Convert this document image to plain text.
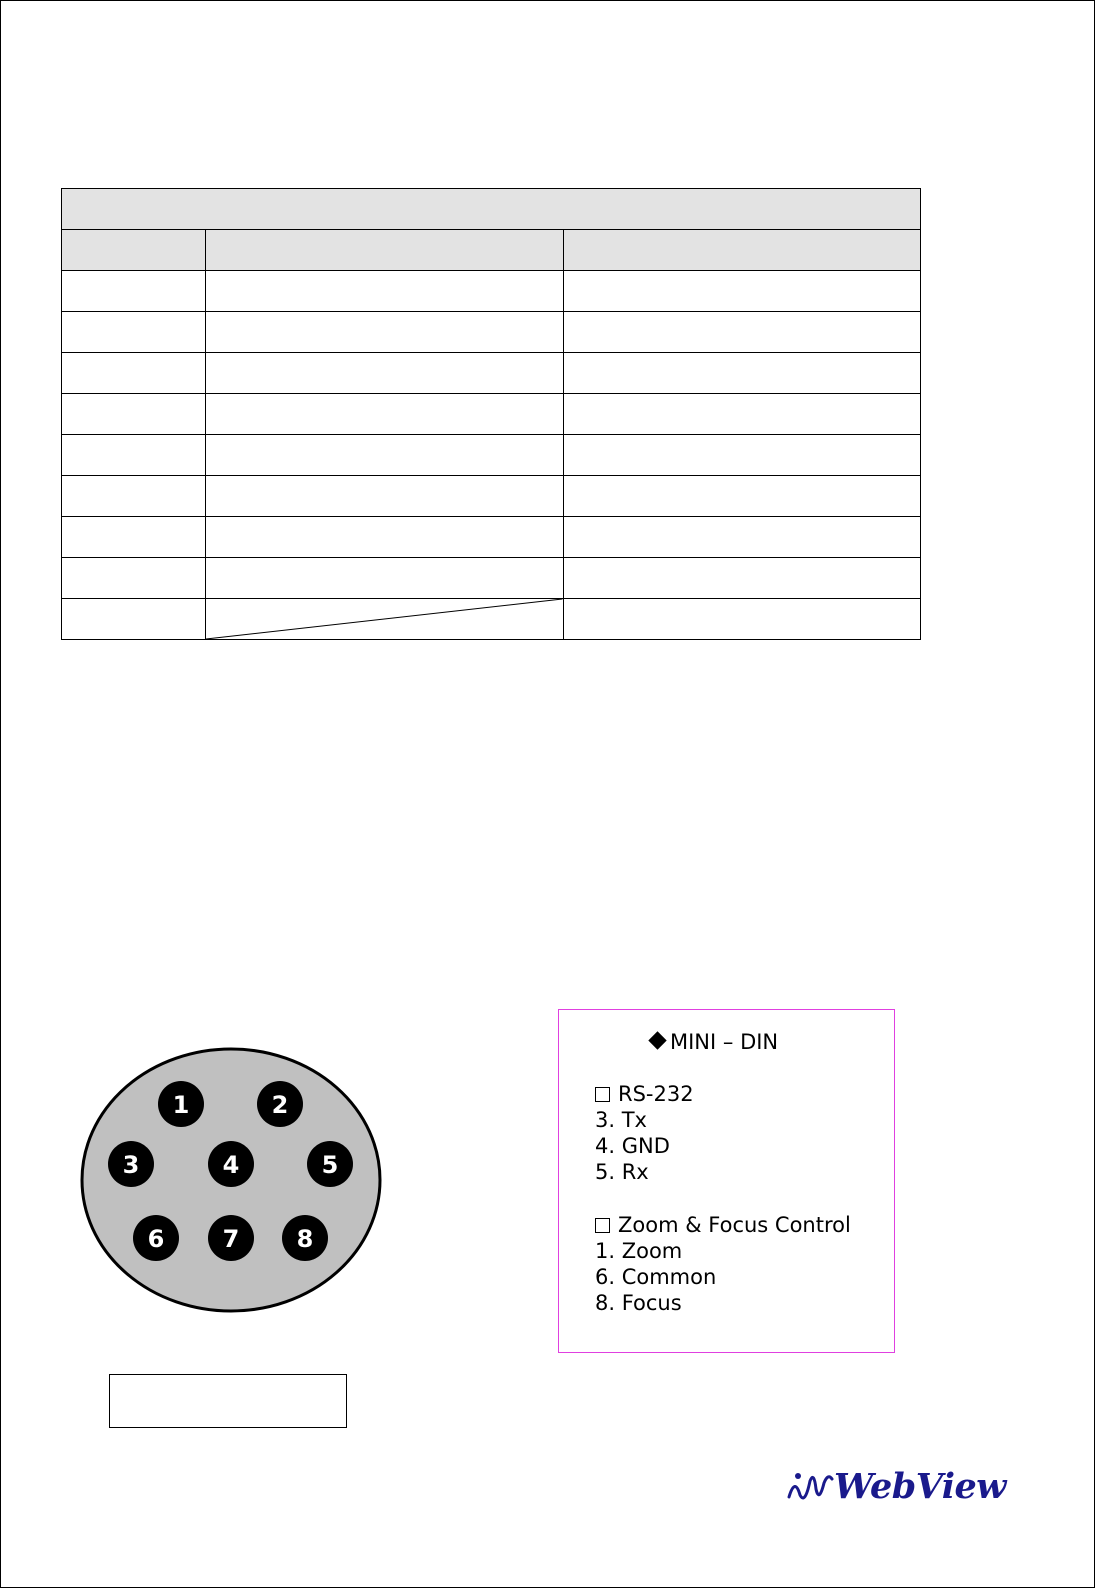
1	2
3	4	5
6 7 8
MINI – DIN
RS-232
3. Tx
4. GND
5. Rx
Zoom & Focus Control
1. Zoom
6. Common
8. Focus
WebView
